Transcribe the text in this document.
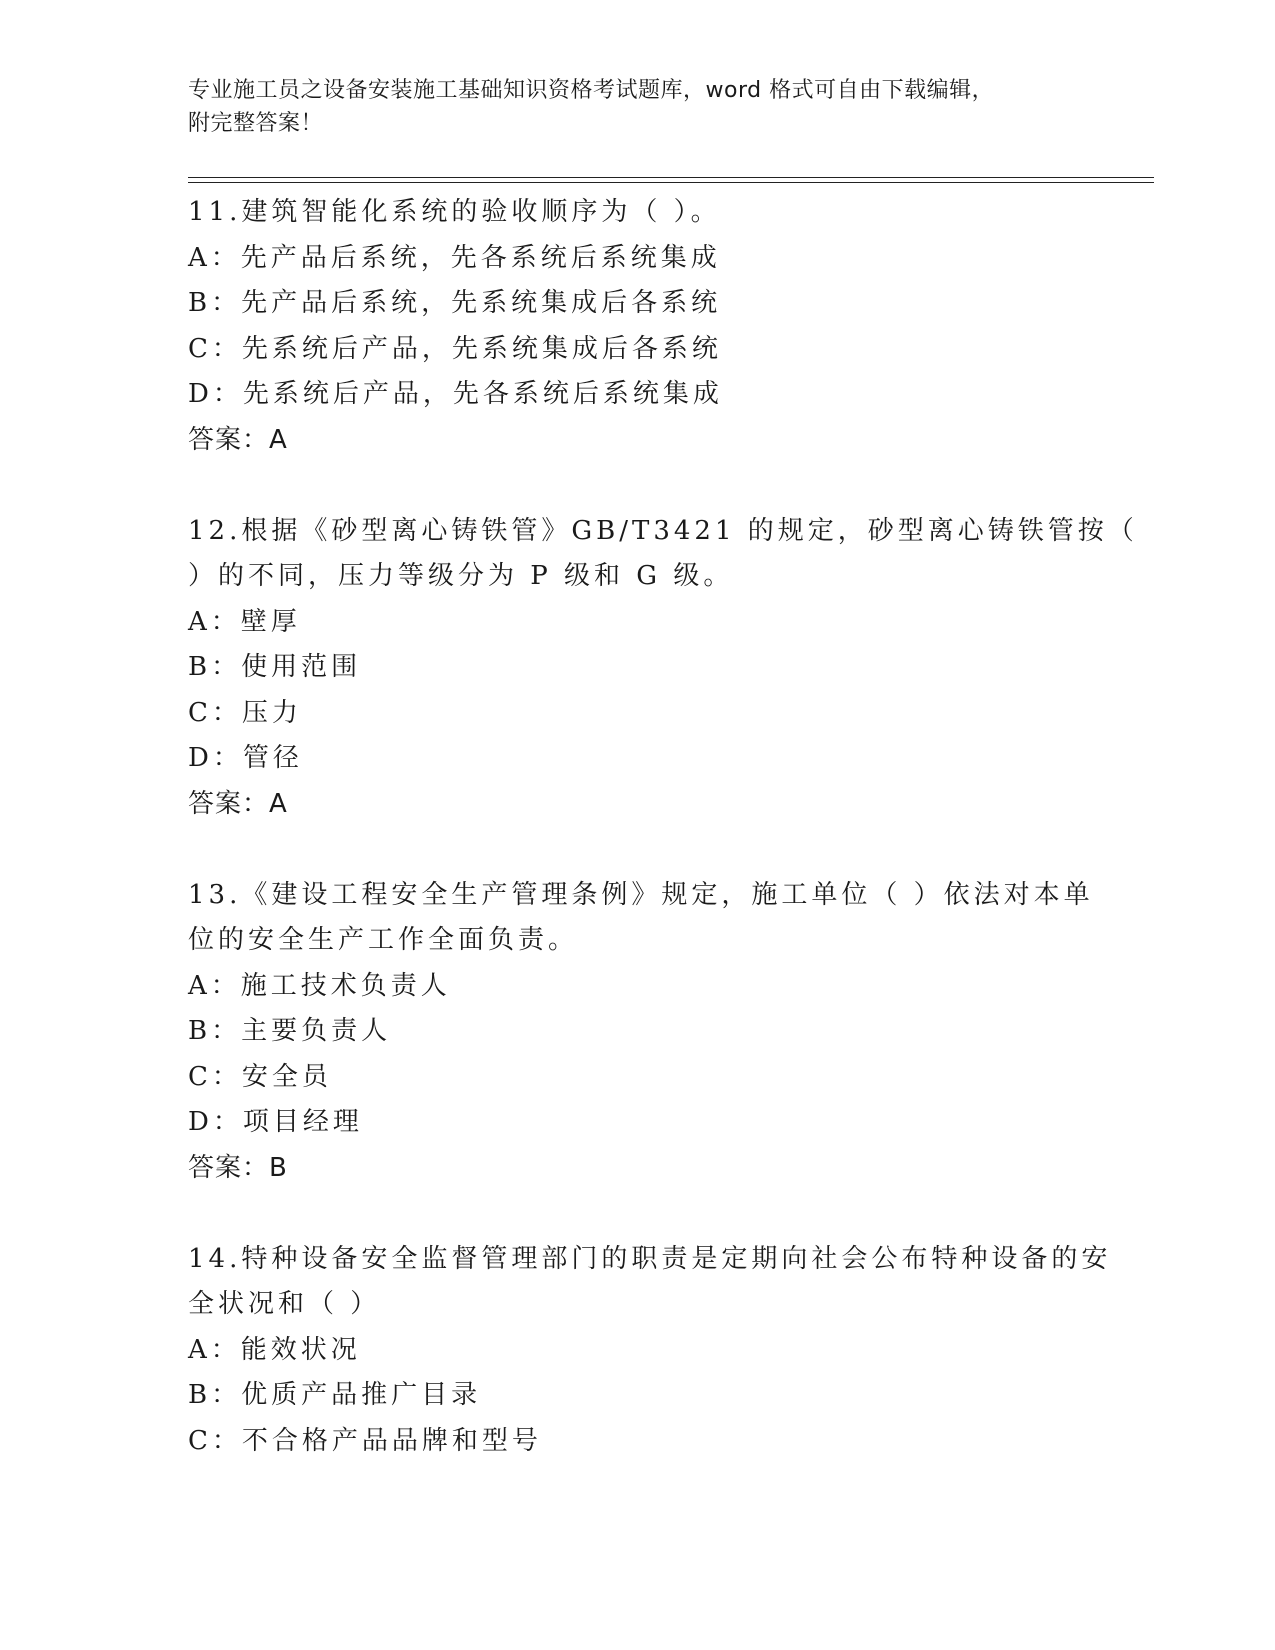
专业施工员之设备安装施工基础知识资格考试题库，word 格式可自由下载编辑，
附完整答案！
11.建筑智能化系统的验收顺序为（ ）。
A：先产品后系统，先各系统后系统集成
B：先产品后系统，先系统集成后各系统
C：先系统后产品，先系统集成后各系统
D：先系统后产品，先各系统后系统集成
答案：A
12.根据《砂型离心铸铁管》GB/T3421 的规定，砂型离心铸铁管按（
）的不同，压力等级分为 P 级和 G 级。
A：壁厚
B：使用范围
C：压力
D：管径
答案：A
13.《建设工程安全生产管理条例》规定，施工单位（ ）依法对本单
位的安全生产工作全面负责。
A：施工技术负责人
B：主要负责人
C：安全员
D：项目经理
答案：B
14.特种设备安全监督管理部门的职责是定期向社会公布特种设备的安
全状况和（ ）
A：能效状况
B：优质产品推广目录
C：不合格产品品牌和型号
